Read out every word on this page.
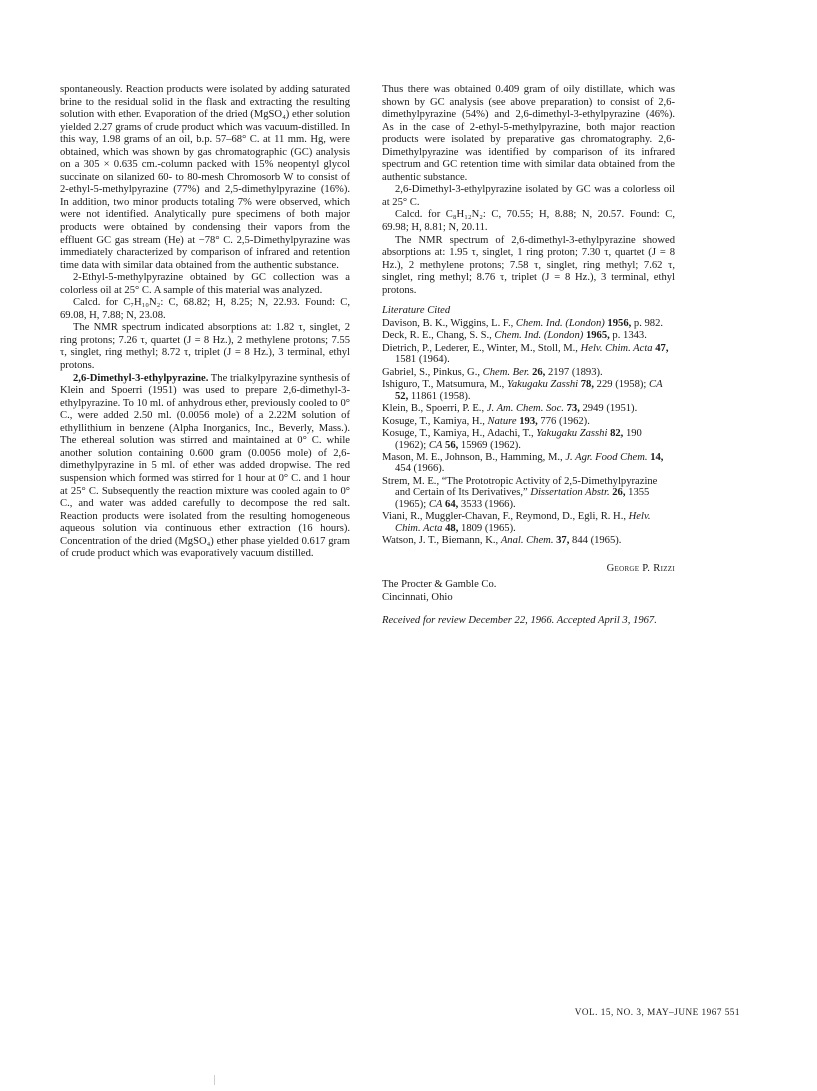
spontaneously. Reaction products were isolated by adding saturated brine to the residual solid in the flask and extracting the resulting solution with ether. Evaporation of the dried (MgSO₄) ether solution yielded 2.27 grams of crude product which was vacuum-distilled. In this way, 1.98 grams of an oil, b.p. 57–68° C. at 11 mm. Hg, were obtained, which was shown by gas chromatographic (GC) analysis on a 305 × 0.635 cm.-column packed with 15% neopentyl glycol succinate on silanized 60- to 80-mesh Chromosorb W to consist of 2-ethyl-5-methylpyrazine (77%) and 2,5-dimethylpyrazine (16%). In addition, two minor products totaling 7% were observed, which were not identified. Analytically pure specimens of both major products were obtained by condensing their vapors from the effluent GC gas stream (He) at −78° C. 2,5-Dimethylpyrazine was immediately characterized by comparison of infrared and retention time data with similar data obtained from the authentic substance.

2-Ethyl-5-methylpyrazine obtained by GC collection was a colorless oil at 25° C. A sample of this material was analyzed.

Calcd. for C₇H₁₀N₂: C, 68.82; H, 8.25; N, 22.93. Found: C, 69.08, H, 7.88; N, 23.08.

The NMR spectrum indicated absorptions at: 1.82 τ, singlet, 2 ring protons; 7.26 τ, quartet (J = 8 Hz.), 2 methylene protons; 7.55 τ, singlet, ring methyl; 8.72 τ, triplet (J = 8 Hz.), 3 terminal, ethyl protons.

2,6-Dimethyl-3-ethylpyrazine. The trialkylpyrazine synthesis of Klein and Spoerri (1951) was used to prepare 2,6-dimethyl-3-ethylpyrazine. To 10 ml. of anhydrous ether, previously cooled to 0° C., were added 2.50 ml. (0.0056 mole) of a 2.22M solution of ethyllithium in benzene (Alpha Inorganics, Inc., Beverly, Mass.). The ethereal solution was stirred and maintained at 0° C. while another solution containing 0.600 gram (0.0056 mole) of 2,6-dimethylpyrazine in 5 ml. of ether was added dropwise. The red suspension which formed was stirred for 1 hour at 0° C. and 1 hour at 25° C. Subsequently the reaction mixture was cooled again to 0° C., and water was added carefully to decompose the red salt. Reaction products were isolated from the resulting homogeneous aqueous solution via continuous ether extraction (16 hours). Concentration of the dried (MgSO₄) ether phase yielded 0.617 gram of crude product which was evaporatively vacuum distilled.

Thus there was obtained 0.409 gram of oily distillate, which was shown by GC analysis (see above preparation) to consist of 2,6-dimethylpyrazine (54%) and 2,6-dimethyl-3-ethylpyrazine (46%). As in the case of 2-ethyl-5-methylpyrazine, both major reaction products were isolated by preparative gas chromatography. 2,6-Dimethylpyrazine was identified by comparison of its infrared spectrum and GC retention time with similar data obtained from the authentic substance.

2,6-Dimethyl-3-ethylpyrazine isolated by GC was a colorless oil at 25° C.

Calcd. for C₈H₁₂N₂: C, 70.55; H, 8.88; N, 20.57. Found: C, 69.98; H, 8.81; N, 20.11.

The NMR spectrum of 2,6-dimethyl-3-ethylpyrazine showed absorptions at: 1.95 τ, singlet, 1 ring proton; 7.30 τ, quartet (J = 8 Hz.), 2 methylene protons; 7.58 τ, singlet, ring methyl; 7.62 τ, singlet, ring methyl; 8.76 τ, triplet (J = 8 Hz.), 3 terminal, ethyl protons.

Literature Cited

Davison, B. K., Wiggins, L. F., Chem. Ind. (London) 1956, p. 982.

Deck, R. E., Chang, S. S., Chem. Ind. (London) 1965, p. 1343.

Dietrich, P., Lederer, E., Winter, M., Stoll, M., Helv. Chim. Acta 47, 1581 (1964).

Gabriel, S., Pinkus, G., Chem. Ber. 26, 2197 (1893).

Ishiguro, T., Matsumura, M., Yakugaku Zasshi 78, 229 (1958); CA 52, 11861 (1958).

Klein, B., Spoerri, P. E., J. Am. Chem. Soc. 73, 2949 (1951).

Kosuge, T., Kamiya, H., Nature 193, 776 (1962).

Kosuge, T., Kamiya, H., Adachi, T., Yakugaku Zasshi 82, 190 (1962); CA 56, 15969 (1962).

Mason, M. E., Johnson, B., Hamming, M., J. Agr. Food Chem. 14, 454 (1966).

Strem, M. E., “The Prototropic Activity of 2,5-Dimethylpyrazine and Certain of Its Derivatives,” Dissertation Abstr. 26, 1355 (1965); CA 64, 3533 (1966).

Viani, R., Muggler-Chavan, F., Reymond, D., Egli, R. H., Helv. Chim. Acta 48, 1809 (1965).

Watson, J. T., Biemann, K., Anal. Chem. 37, 844 (1965).

George P. Rizzi

The Procter & Gamble Co.

Cincinnati, Ohio

Received for review December 22, 1966. Accepted April 3, 1967.

VOL. 15, NO. 3, MAY–JUNE 1967 551
